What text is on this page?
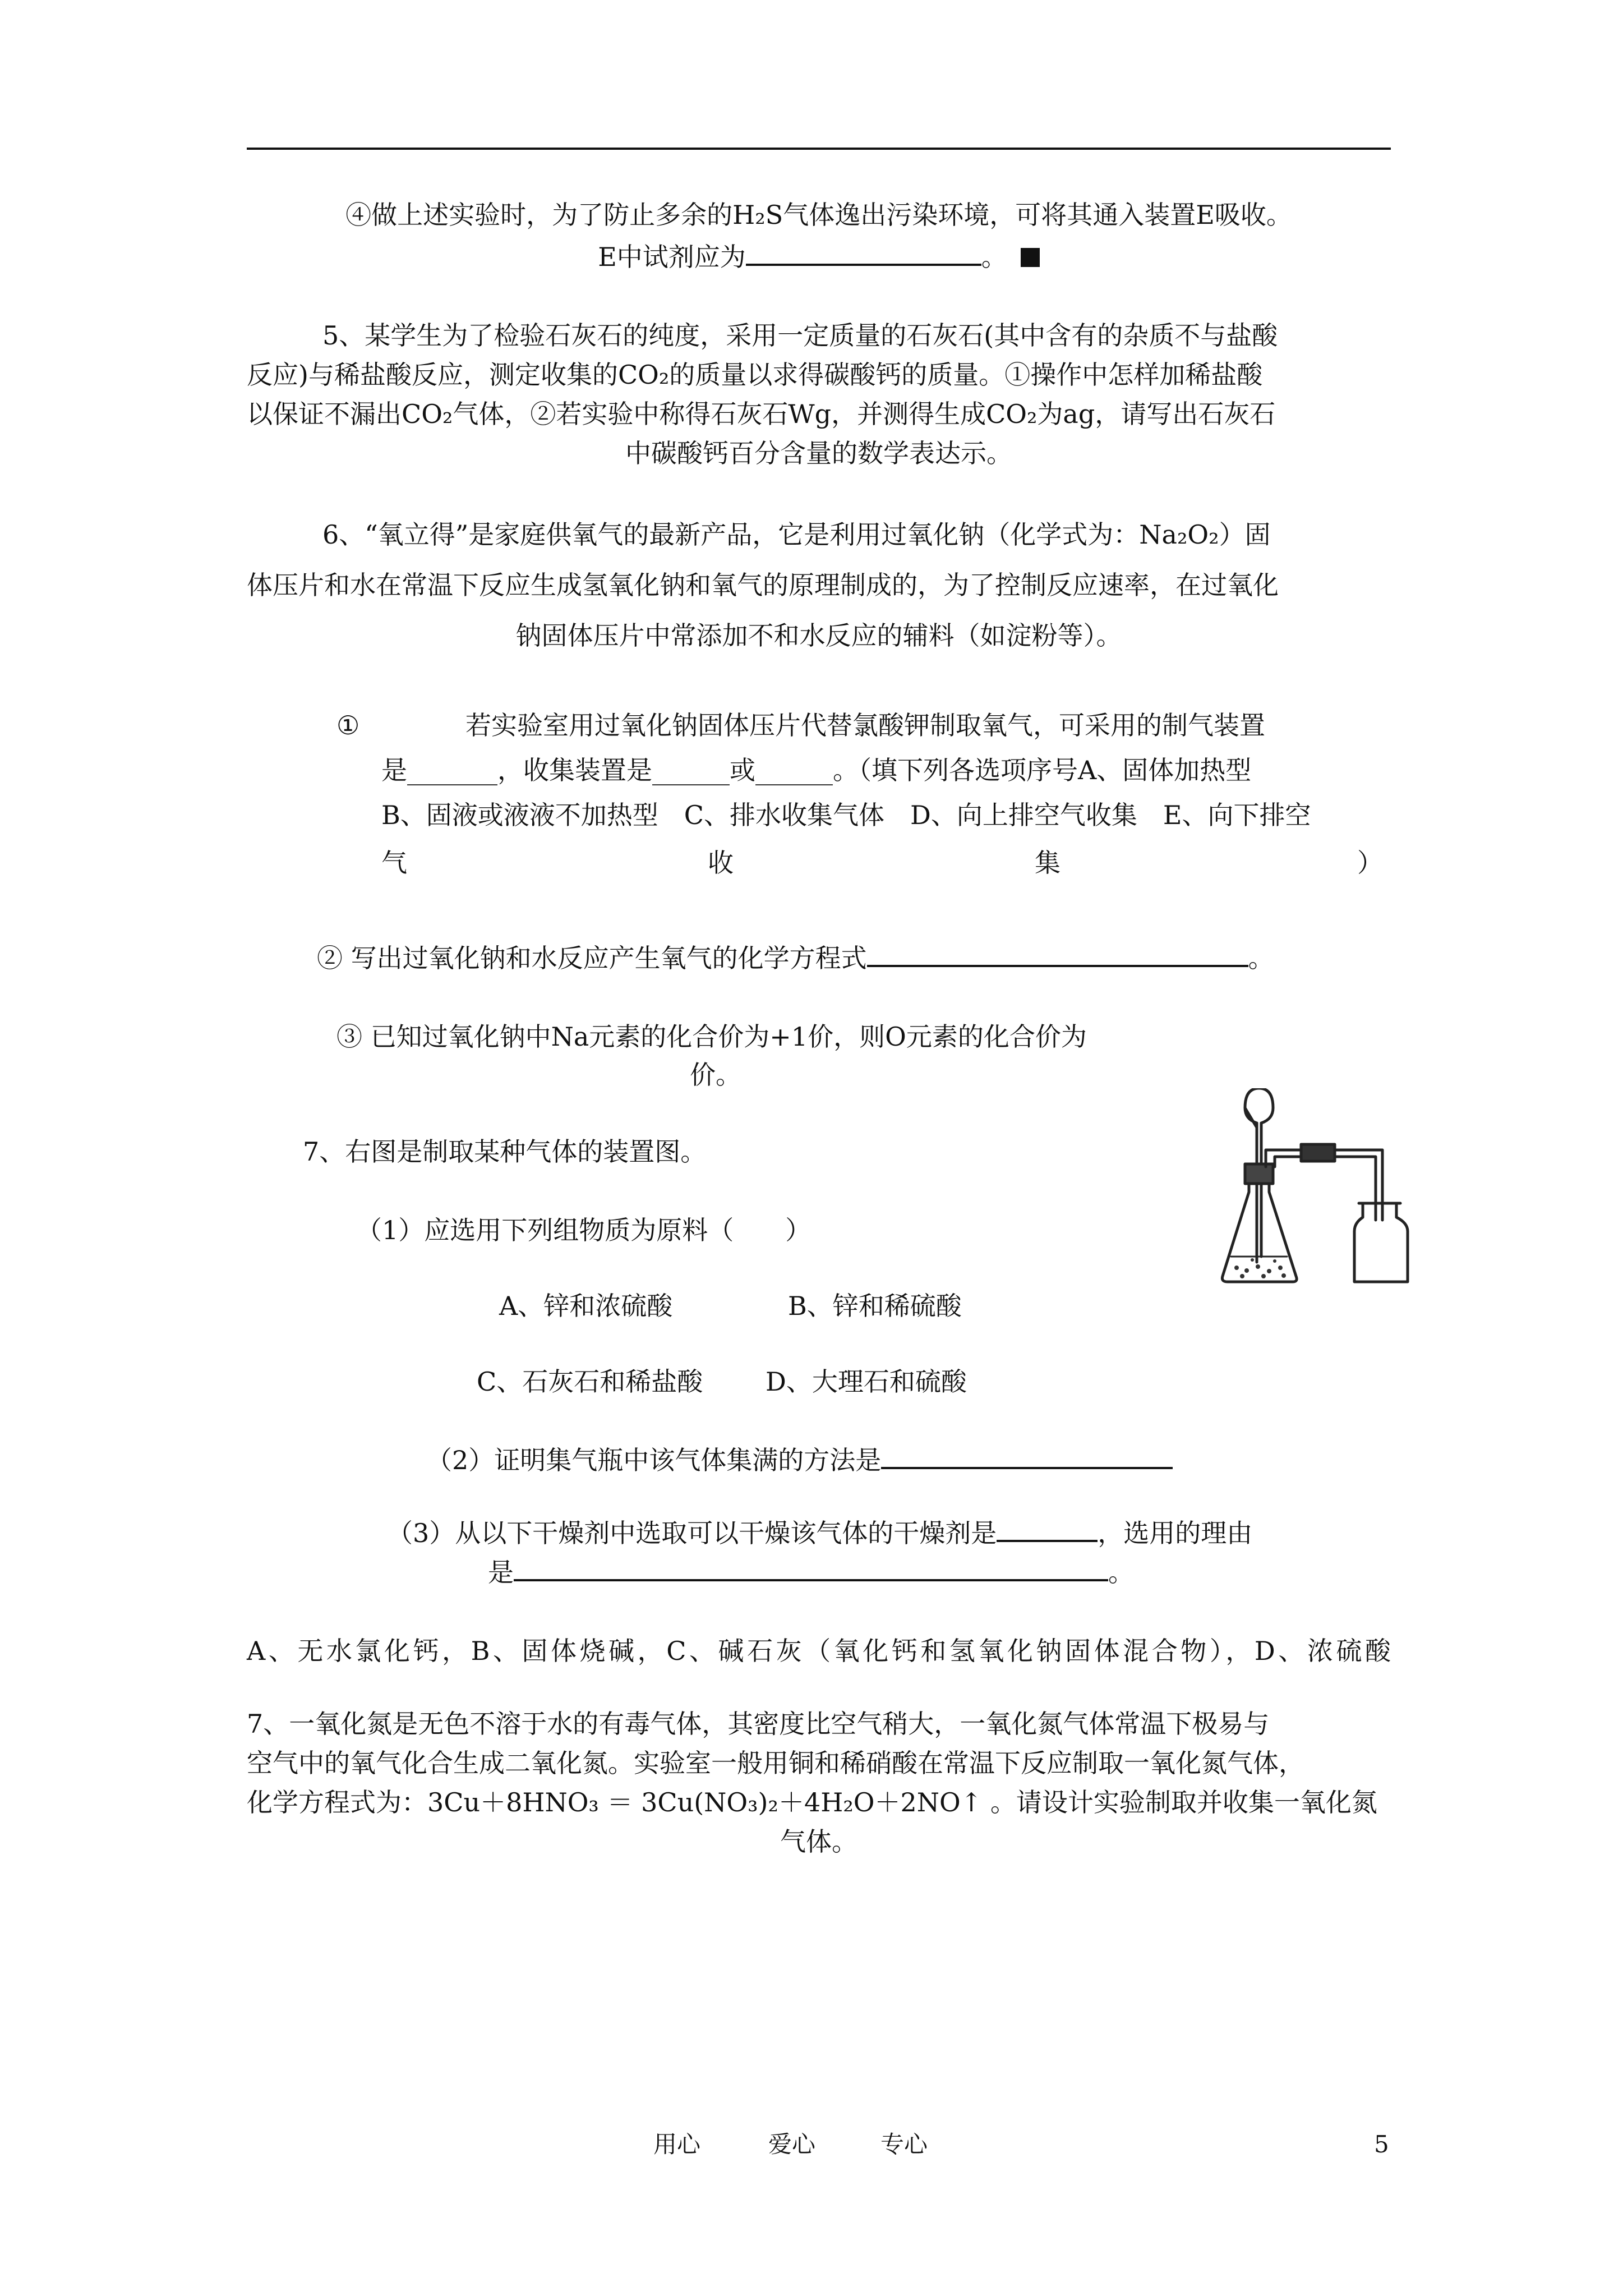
④做上述实验时，为了防止多余的H₂S气体逸出污染环境，可将其通入装置E吸收。
E中试剂应为	。
5、某学生为了检验石灰石的纯度，采用一定质量的石灰石(其中含有的杂质不与盐酸
反应)与稀盐酸反应，测定收集的CO₂的质量以求得碳酸钙的质量。①操作中怎样加稀盐酸
以保证不漏出CO₂气体，②若实验中称得石灰石Wg，并测得生成CO₂为ag，请写出石灰石
中碳酸钙百分含量的数学表达示。
6、“氧立得”是家庭供氧气的最新产品，它是利用过氧化钠（化学式为：Na₂O₂）固
体压片和水在常温下反应生成氢氧化钠和氧气的原理制成的，为了控制反应速率，在过氧化
钠固体压片中常添加不和水反应的辅料（如淀粉等）。
①	若实验室用过氧化钠固体压片代替氯酸钾制取氧气，可采用的制气装置
是_______，收集装置是______或______。（填下列各选项序号A、固体加热型
B、固液或液液不加热型　C、排水收集气体　D、向上排空气收集　E、向下排空
气	收	集	）
② 写出过氧化钠和水反应产生氧气的化学方程式	。
③ 已知过氧化钠中Na元素的化合价为+1价，则O元素的化合价为
价。
7、右图是制取某种气体的装置图。
（1）应选用下列组物质为原料（　　）
A、锌和浓硫酸	B、锌和稀硫酸
C、石灰石和稀盐酸 D、大理石和硫酸
（2）证明集气瓶中该气体集满的方法是
（3）从以下干燥剂中选取可以干燥该气体的干燥剂是	，选用的理由
是	。
A、无水氯化钙，B、固体烧碱，C、碱石灰（氧化钙和氢氧化钠固体混合物），D、浓硫酸
7、一氧化氮是无色不溶于水的有毒气体，其密度比空气稍大，一氧化氮气体常温下极易与
空气中的氧气化合生成二氧化氮。实验室一般用铜和稀硝酸在常温下反应制取一氧化氮气体，
化学方程式为：3Cu＋8HNO₃ ＝ 3Cu(NO₃)₂＋4H₂O＋2NO↑ 。请设计实验制取并收集一氧化氮
气体。
用心	爱心	专心	5
